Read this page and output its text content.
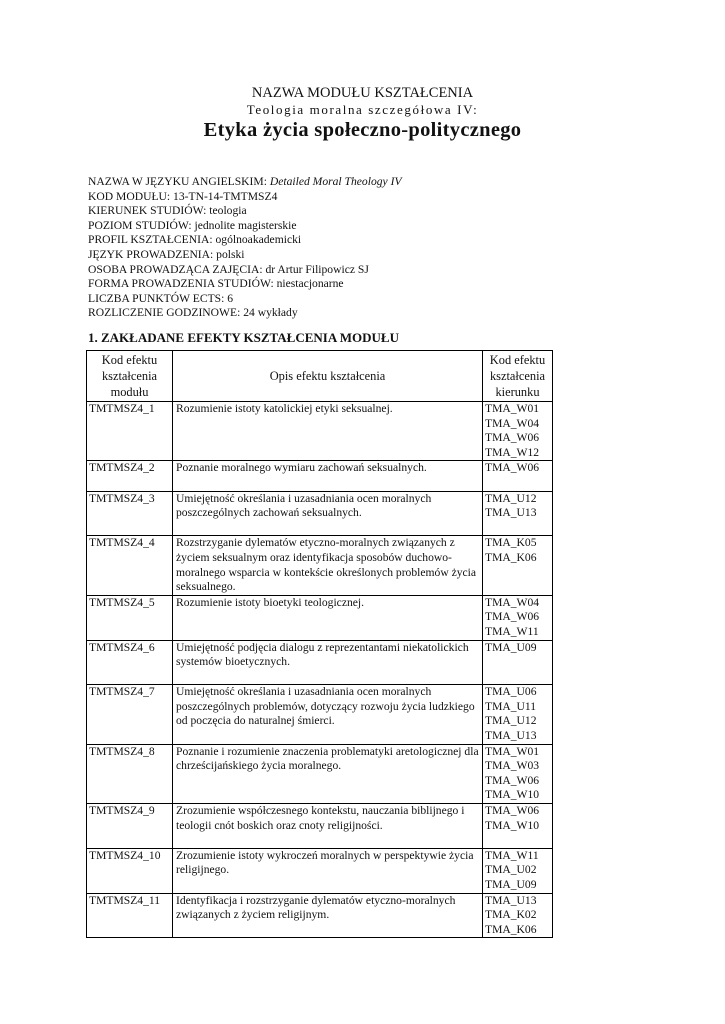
NAZWA MODUŁU KSZTAŁCENIA
Teologia moralna szczegółowa IV:
Etyka życia społeczno-politycznego
NAZWA W JĘZYKU ANGIELSKIM: Detailed Moral Theology IV
KOD MODUŁU: 13-TN-14-TMTMSZ4
KIERUNEK STUDIÓW: teologia
POZIOM STUDIÓW: jednolite magisterskie
PROFIL KSZTAŁCENIA: ogólnoakademicki
JĘZYK PROWADZENIA: polski
OSOBA PROWADZĄCA ZAJĘCIA: dr Artur Filipowicz SJ
FORMA PROWADZENIA STUDIÓW: niestacjonarne
LICZBA PUNKTÓW ECTS: 6
ROZLICZENIE GODZINOWE: 24 wykłady
1. ZAKŁADANE EFEKTY KSZTAŁCENIA MODUŁU
Kod efektu kształcenia modułu	Opis efektu kształcenia	Kod efektu kształcenia kierunku
TMTMSZ4_1	Rozumienie istoty katolickiej etyki seksualnej.	TMA_W01
TMA_W04
TMA_W06
TMA_W12

TMTMSZ4_2	Poznanie moralnego wymiaru zachowań seksualnych.	TMA_W06

TMTMSZ4_3	Umiejętność określania i uzasadniania ocen moralnych poszczególnych zachowań seksualnych.	TMA_U12
TMA_U13

TMTMSZ4_4	Rozstrzyganie dylematów etyczno-moralnych związanych z życiem seksualnym oraz identyfikacja sposobów duchowo-moralnego wsparcia w kontekście określonych problemów życia seksualnego.	TMA_K05
TMA_K06

TMTMSZ4_5	Rozumienie istoty bioetyki teologicznej.	TMA_W04
TMA_W06
TMA_W11

TMTMSZ4_6	Umiejętność podjęcia dialogu z reprezentantami niekatolickich systemów bioetycznych.	TMA_U09

TMTMSZ4_7	Umiejętność określania i uzasadniania ocen moralnych poszczególnych problemów, dotyczący rozwoju życia ludzkiego od poczęcia do naturalnej śmierci.	TMA_U06
TMA_U11
TMA_U12
TMA_U13

TMTMSZ4_8	Poznanie i rozumienie znaczenia problematyki aretologicznej dla chrześcijańskiego życia moralnego.	TMA_W01
TMA_W03
TMA_W06
TMA_W10

TMTMSZ4_9	Zrozumienie współczesnego kontekstu, nauczania biblijnego i teologii cnót boskich oraz cnoty religijności.	TMA_W06
TMA_W10

TMTMSZ4_10	Zrozumienie istoty wykroczeń moralnych w perspektywie życia religijnego.	TMA_W11
TMA_U02
TMA_U09

TMTMSZ4_11	Identyfikacja i rozstrzyganie dylematów etyczno-moralnych związanych z życiem religijnym.	TMA_U13
TMA_K02
TMA_K06
